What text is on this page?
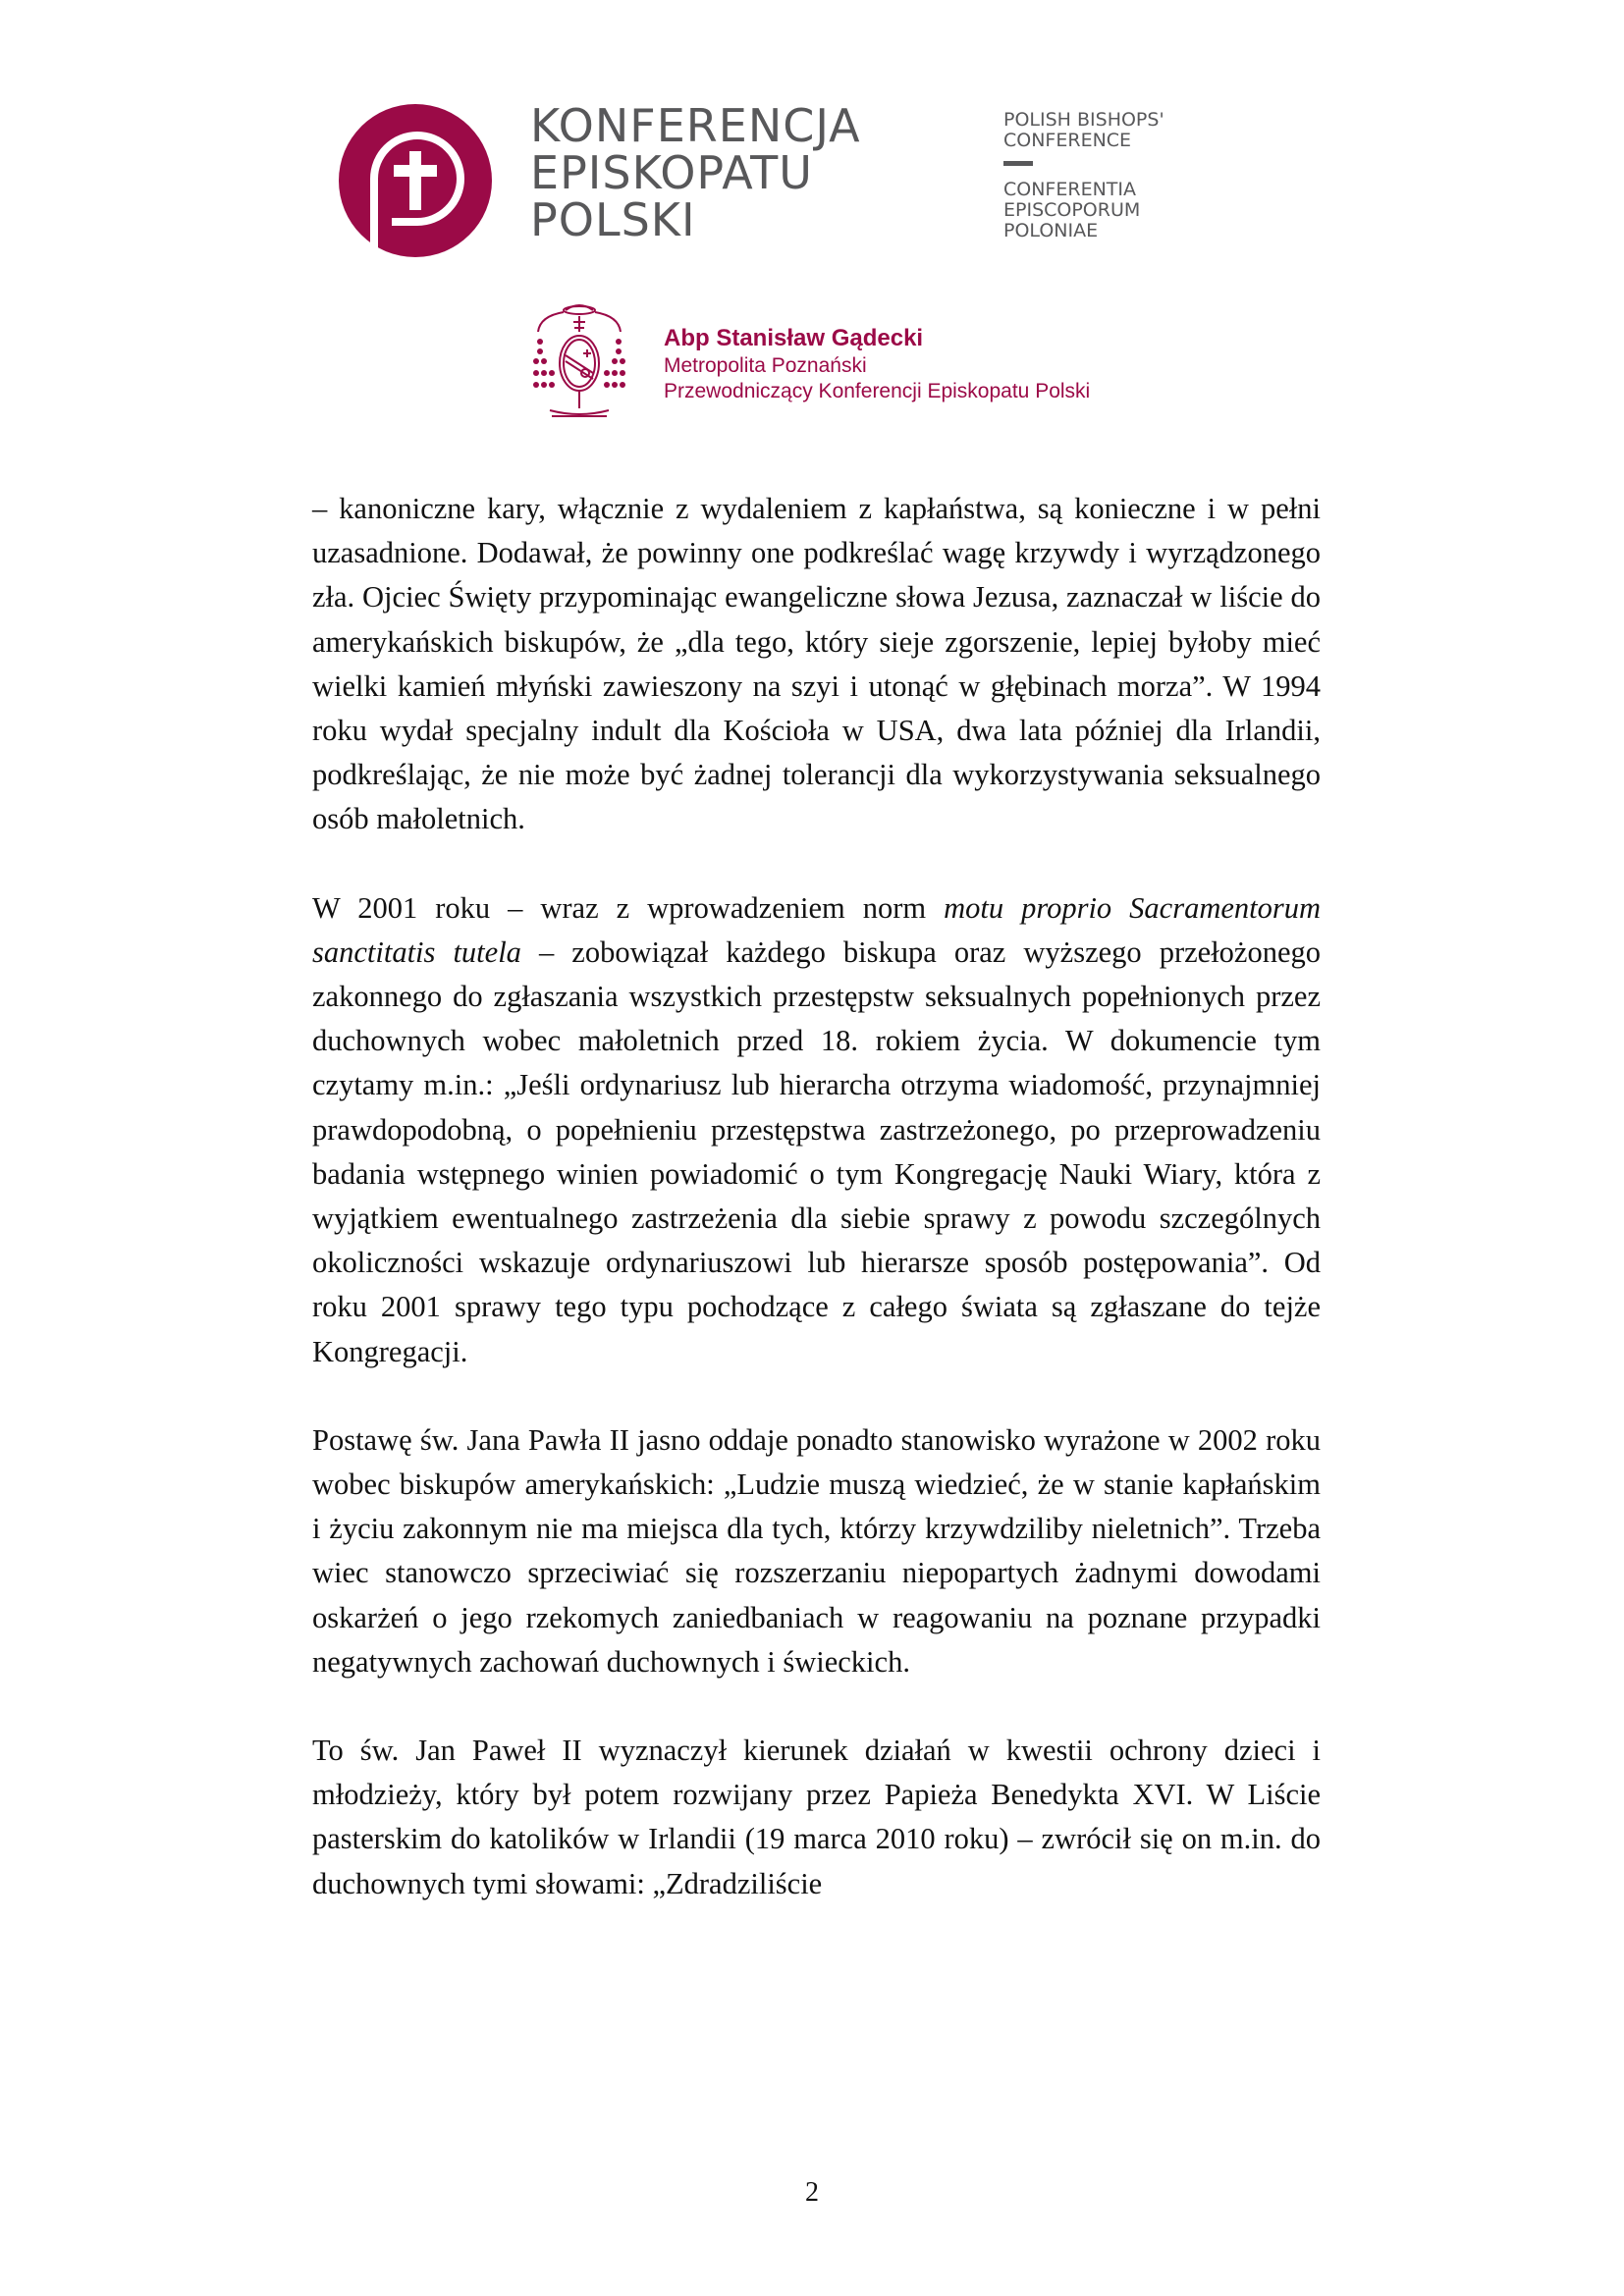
KONFERENCJA
EPISKOPATU
POLSKI
POLISH BISHOPS'
CONFERENCE
CONFERENTIA
EPISCOPORUM
POLONIAE
Abp Stanisław Gądecki
Metropolita Poznański
Przewodniczący Konferencji Episkopatu Polski

– kanoniczne kary, włącznie z wydaleniem z kapłaństwa, są konieczne i w pełni uzasadnione. Dodawał, że powinny one podkreślać wagę krzywdy i wyrządzonego zła. Ojciec Święty przypominając ewangeliczne słowa Jezusa, zaznaczał w liście do amerykańskich biskupów, że „dla tego, który sieje zgorszenie, lepiej byłoby mieć wielki kamień młyński zawieszony na szyi i utonąć w głębinach morza”. W 1994 roku wydał specjalny indult dla Kościoła w USA, dwa lata później dla Irlandii, podkreślając, że nie może być żadnej tolerancji dla wykorzystywania seksualnego osób małoletnich.

W 2001 roku – wraz z wprowadzeniem norm motu proprio Sacramentorum sanctitatis tutela – zobowiązał każdego biskupa oraz wyższego przełożonego zakonnego do zgłaszania wszystkich przestępstw seksualnych popełnionych przez duchownych wobec małoletnich przed 18. rokiem życia. W dokumencie tym czytamy m.in.: „Jeśli ordynariusz lub hierarcha otrzyma wiadomość, przynajmniej prawdopodobną, o popełnieniu przestępstwa zastrzeżonego, po przeprowadzeniu badania wstępnego winien powiadomić o tym Kongregację Nauki Wiary, która z wyjątkiem ewentualnego zastrzeżenia dla siebie sprawy z powodu szczególnych okoliczności wskazuje ordynariuszowi lub hierarsze sposób postępowania”. Od roku 2001 sprawy tego typu pochodzące z całego świata są zgłaszane do tejże Kongregacji.

Postawę św. Jana Pawła II jasno oddaje ponadto stanowisko wyrażone w 2002 roku wobec biskupów amerykańskich: „Ludzie muszą wiedzieć, że w stanie kapłańskim i życiu zakonnym nie ma miejsca dla tych, którzy krzywdziliby nieletnich”. Trzeba wiec stanowczo sprzeciwiać się rozszerzaniu niepopartych żadnymi dowodami oskarżeń o jego rzekomych zaniedbaniach w reagowaniu na poznane przypadki negatywnych zachowań duchownych i świeckich.

To św. Jan Paweł II wyznaczył kierunek działań w kwestii ochrony dzieci i młodzieży, który był potem rozwijany przez Papieża Benedykta XVI. W Liście pasterskim do katolików w Irlandii (19 marca 2010 roku) – zwrócił się on m.in. do duchownych tymi słowami: „Zdradziliście

2
